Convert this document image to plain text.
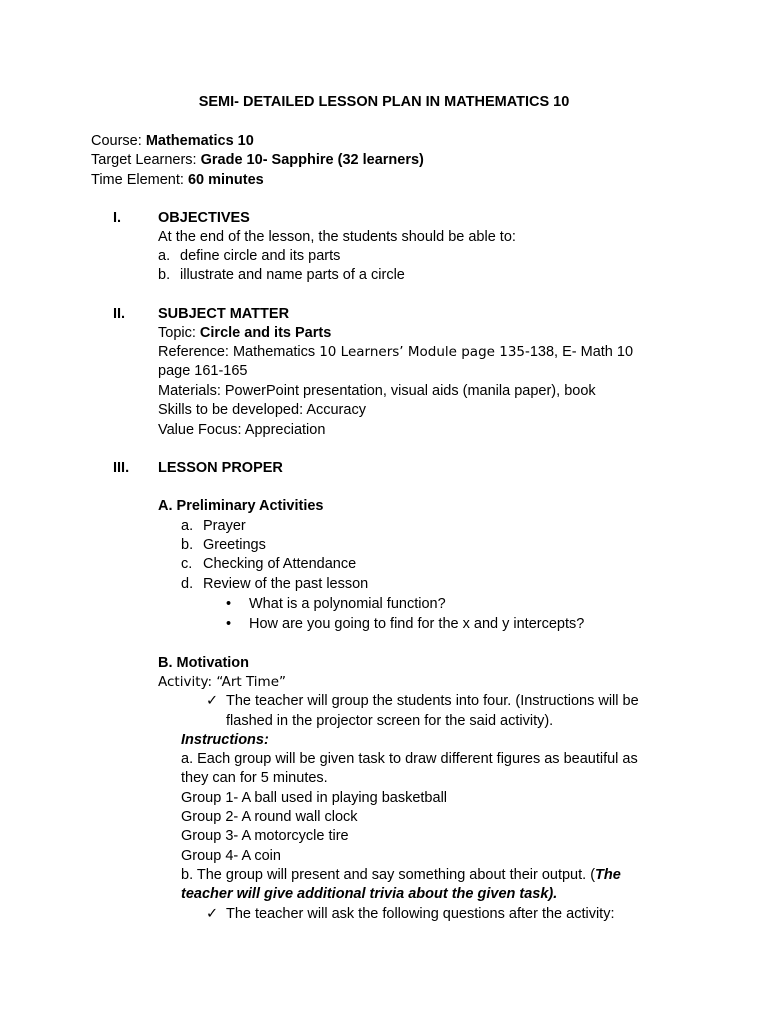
SEMI- DETAILED LESSON PLAN IN MATHEMATICS 10
Course: Mathematics 10
Target Learners: Grade 10- Sapphire (32 learners)
Time Element: 60 minutes
I.	OBJECTIVES
At the end of the lesson, the students should be able to:
a. define circle and its parts
b. illustrate and name parts of a circle
II. SUBJECT MATTER
Topic: Circle and its Parts
Reference: Mathematics 10 Learners’ Module page 135-138, E- Math 10
page 161-165
Materials: PowerPoint presentation, visual aids (manila paper), book
Skills to be developed: Accuracy
Value Focus: Appreciation
III. LESSON PROPER
A. Preliminary Activities
a. Prayer
b. Greetings
c. Checking of Attendance
d. Review of the past lesson
• What is a polynomial function?
• How are you going to find for the x and y intercepts?
B. Motivation
Activity: “Art Time”
✓ The teacher will group the students into four. (Instructions will be
flashed in the projector screen for the said activity).
Instructions:
a. Each group will be given task to draw different figures as beautiful as
they can for 5 minutes.
Group 1- A ball used in playing basketball
Group 2- A round wall clock
Group 3- A motorcycle tire
Group 4- A coin
b. The group will present and say something about their output. (The
teacher will give additional trivia about the given task).
✓ The teacher will ask the following questions after the activity:
